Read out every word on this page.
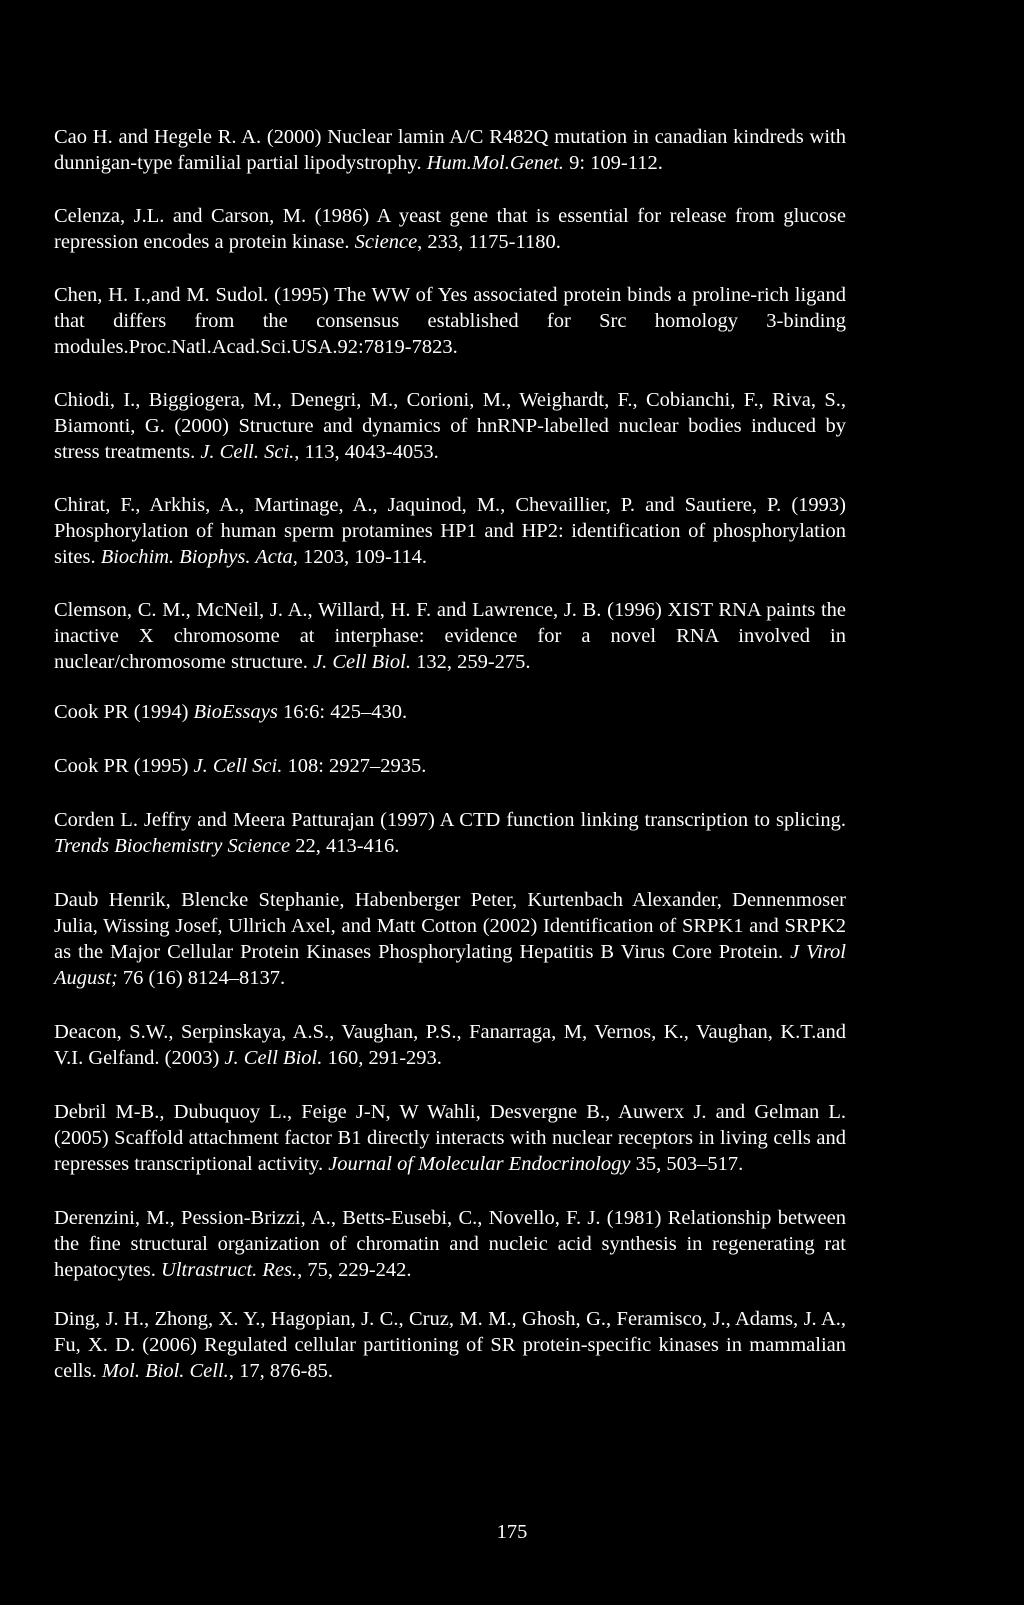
Cao H. and Hegele R. A. (2000) Nuclear lamin A/C R482Q mutation in canadian kindreds with dunnigan-type familial partial lipodystrophy. Hum.Mol.Genet. 9: 109-112.

Celenza, J.L. and Carson, M. (1986) A yeast gene that is essential for release from glucose repression encodes a protein kinase. Science, 233, 1175-1180.

Chen, H. I.,and M. Sudol. (1995) The WW of Yes associated protein binds a proline-rich ligand that differs from the consensus established for Src homology 3-binding modules.Proc.Natl.Acad.Sci.USA.92:7819-7823.

Chiodi, I., Biggiogera, M., Denegri, M., Corioni, M., Weighardt, F., Cobianchi, F., Riva, S., Biamonti, G. (2000) Structure and dynamics of hnRNP-labelled nuclear bodies induced by stress treatments. J. Cell. Sci., 113, 4043-4053.

Chirat, F., Arkhis, A., Martinage, A., Jaquinod, M., Chevaillier, P. and Sautiere, P. (1993) Phosphorylation of human sperm protamines HP1 and HP2: identification of phosphorylation sites. Biochim. Biophys. Acta, 1203, 109-114.

Clemson, C. M., McNeil, J. A., Willard, H. F. and Lawrence, J. B. (1996) XIST RNA paints the inactive X chromosome at interphase: evidence for a novel RNA involved in nuclear/chromosome structure. J. Cell Biol. 132, 259-275.

Cook PR (1994) BioEssays 16:6: 425–430.

Cook PR (1995) J. Cell Sci. 108: 2927–2935.

Corden L. Jeffry and Meera Patturajan (1997) A CTD function linking transcription to splicing. Trends Biochemistry Science 22, 413-416.

Daub Henrik, Blencke Stephanie, Habenberger Peter, Kurtenbach Alexander, Dennenmoser Julia, Wissing Josef, Ullrich Axel, and Matt Cotton (2002) Identification of SRPK1 and SRPK2 as the Major Cellular Protein Kinases Phosphorylating Hepatitis B Virus Core Protein. J Virol August; 76 (16) 8124–8137.

Deacon, S.W., Serpinskaya, A.S., Vaughan, P.S., Fanarraga, M, Vernos, K., Vaughan, K.T.and V.I. Gelfand. (2003) J. Cell Biol. 160, 291-293.

Debril M-B., Dubuquoy L., Feige J-N, W Wahli, Desvergne B., Auwerx J. and Gelman L. (2005) Scaffold attachment factor B1 directly interacts with nuclear receptors in living cells and represses transcriptional activity. Journal of Molecular Endocrinology 35, 503–517.

Derenzini, M., Pession-Brizzi, A., Betts-Eusebi, C., Novello, F. J. (1981) Relationship between the fine structural organization of chromatin and nucleic acid synthesis in regenerating rat hepatocytes. Ultrastruct. Res., 75, 229-242.

Ding, J. H., Zhong, X. Y., Hagopian, J. C., Cruz, M. M., Ghosh, G., Feramisco, J., Adams, J. A., Fu, X. D. (2006) Regulated cellular partitioning of SR protein-specific kinases in mammalian cells. Mol. Biol. Cell., 17, 876-85.

175
